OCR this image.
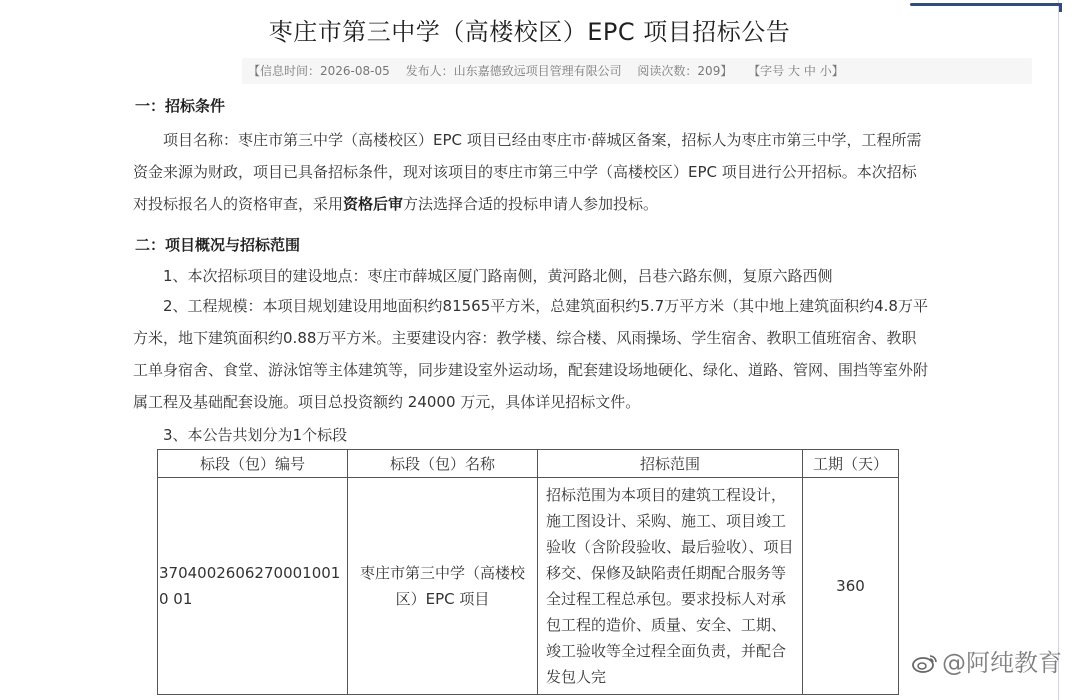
枣庄市第三中学（高楼校区）EPC 项目招标公告
【信息时间：2026-08-05 发布人：山东嘉德致远项目管理有限公司 阅读次数：209】 【字号 大 中 小】
一：招标条件
项目名称：枣庄市第三中学（高楼校区）EPC 项目已经由枣庄市·薛城区备案，招标人为枣庄市第三中学，工程所需资金来源为财政，项目已具备招标条件，现对该项目的枣庄市第三中学（高楼校区）EPC 项目进行公开招标。本次招标对投标报名人的资格审查，采用资格后审方法选择合适的投标申请人参加投标。
二：项目概况与招标范围
1、本次招标项目的建设地点：枣庄市薛城区厦门路南侧，黄河路北侧，吕巷六路东侧，复原六路西侧
2、工程规模：本项目规划建设用地面积约81565平方米，总建筑面积约5.7万平方米（其中地上建筑面积约4.8万平方米，地下建筑面积约0.88万平方米。主要建设内容：教学楼、综合楼、风雨操场、学生宿舍、教职工值班宿舍、教职工单身宿舍、食堂、游泳馆等主体建筑等，同步建设室外运动场，配套建设场地硬化、绿化、道路、管网、围挡等室外附属工程及基础配套设施。项目总投资额约 24000 万元，具体详见招标文件。
3、本公告共划分为1个标段
标段（包）编号	标段（包）名称	招标范围	工期（天）
37040026062700010010 01	枣庄市第三中学（高楼校区）EPC 项目	招标范围为本项目的建筑工程设计，施工图设计、采购、施工、项目竣工验收（含阶段验收、最后验收）、项目移交、保修及缺陷责任期配合服务等全过程工程总承包。要求投标人对承包工程的造价、质量、安全、工期、竣工验收等全过程全面负责，并配合发包人完	360
@阿纯教育
